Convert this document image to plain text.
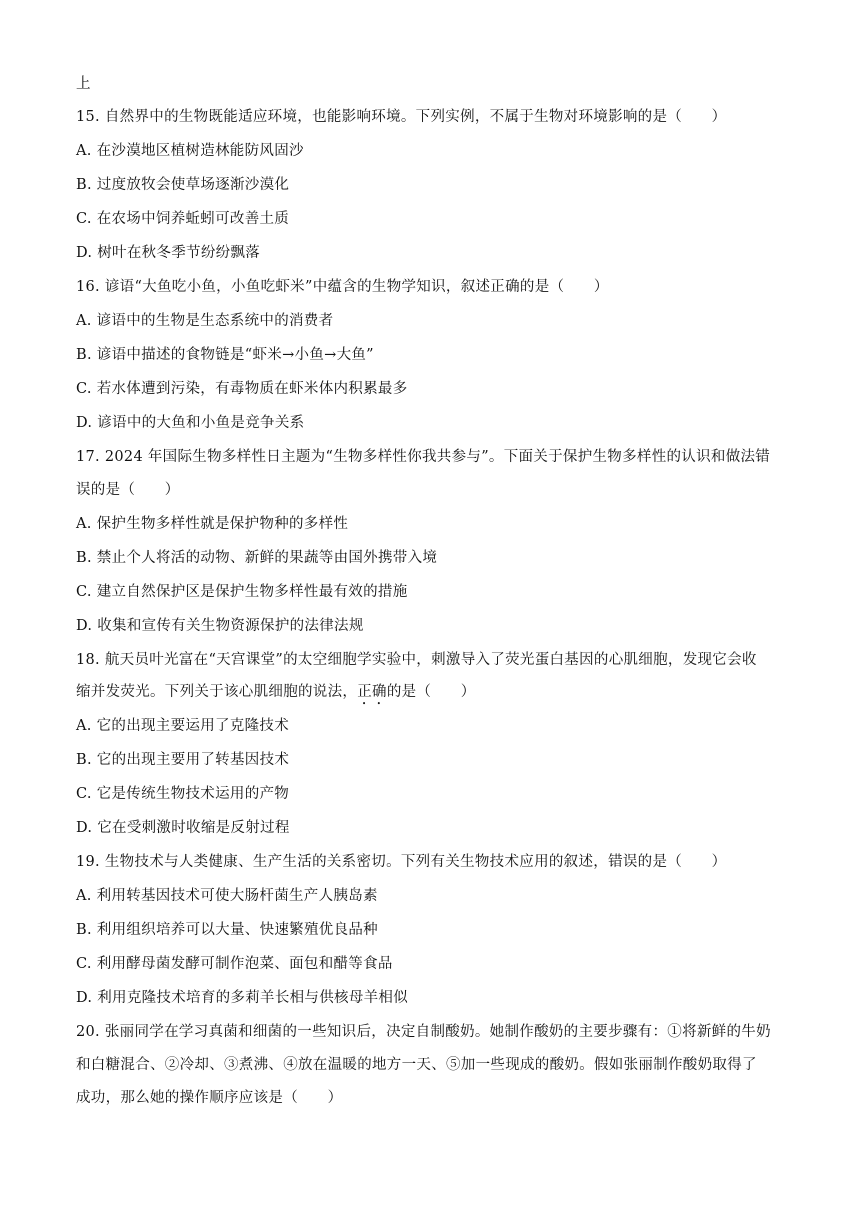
上
15. 自然界中的生物既能适应环境，也能影响环境。下列实例，不属于生物对环境影响的是（　　）
A. 在沙漠地区植树造林能防风固沙
B. 过度放牧会使草场逐渐沙漠化
C. 在农场中饲养蚯蚓可改善土质
D. 树叶在秋冬季节纷纷飘落
16. 谚语“大鱼吃小鱼，小鱼吃虾米”中蕴含的生物学知识，叙述正确的是（　　）
A. 谚语中的生物是生态系统中的消费者
B. 谚语中描述的食物链是“虾米→小鱼→大鱼”
C. 若水体遭到污染，有毒物质在虾米体内积累最多
D. 谚语中的大鱼和小鱼是竞争关系
17. 2024 年国际生物多样性日主题为“生物多样性你我共参与”。下面关于保护生物多样性的认识和做法错
误的是（　　）
A. 保护生物多样性就是保护物种的多样性
B. 禁止个人将活的动物、新鲜的果蔬等由国外携带入境
C. 建立自然保护区是保护生物多样性最有效的措施
D. 收集和宣传有关生物资源保护的法律法规
18. 航天员叶光富在“天宫课堂”的太空细胞学实验中，刺激导入了荧光蛋白基因的心肌细胞，发现它会收
缩并发荧光。下列关于该心肌细胞的说法，正确的是（　　）
A. 它的出现主要运用了克隆技术
B. 它的出现主要用了转基因技术
C. 它是传统生物技术运用的产物
D. 它在受刺激时收缩是反射过程
19. 生物技术与人类健康、生产生活的关系密切。下列有关生物技术应用的叙述，错误的是（　　）
A. 利用转基因技术可使大肠杆菌生产人胰岛素
B. 利用组织培养可以大量、快速繁殖优良品种
C. 利用酵母菌发酵可制作泡菜、面包和醋等食品
D. 利用克隆技术培育的多莉羊长相与供核母羊相似
20. 张丽同学在学习真菌和细菌的一些知识后，决定自制酸奶。她制作酸奶的主要步骤有：①将新鲜的牛奶
和白糖混合、②冷却、③煮沸、④放在温暖的地方一天、⑤加一些现成的酸奶。假如张丽制作酸奶取得了
成功，那么她的操作顺序应该是（　　）
